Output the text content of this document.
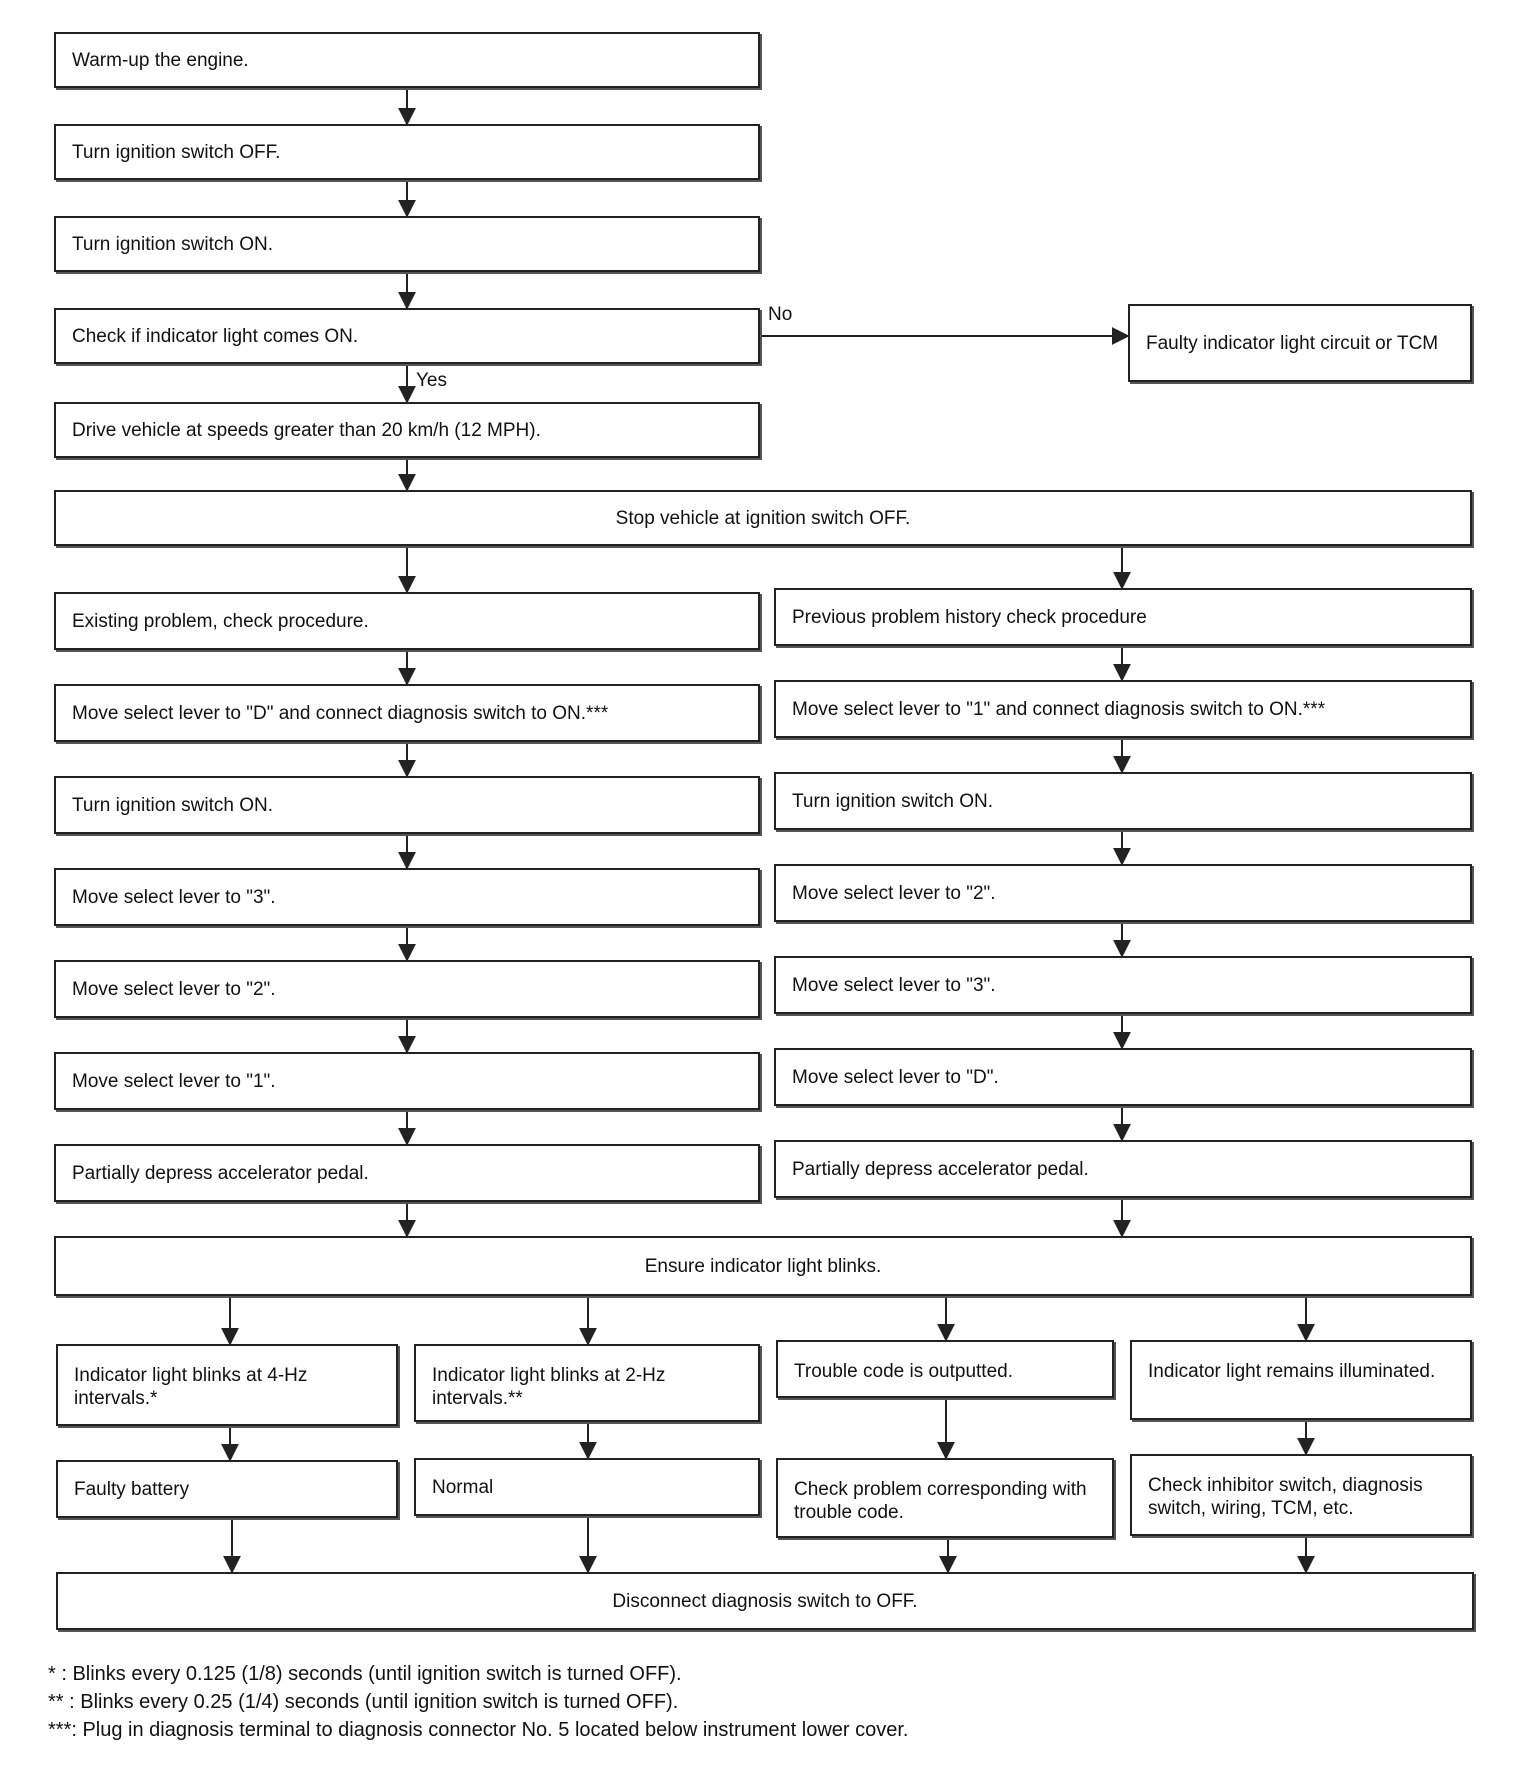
Warm-up the engine.
Turn ignition switch OFF.
Turn ignition switch ON.
Check if indicator light comes ON.	Faulty indicator light circuit or TCM
Drive vehicle at speeds greater than 20 km/h (12 MPH).
Stop vehicle at ignition switch OFF.
No
Yes
Existing problem, check procedure.
Move select lever to "D" and connect diagnosis switch to ON.***
Turn ignition switch ON.
Move select lever to "3".
Move select lever to "2".
Move select lever to "1".
Partially depress accelerator pedal.
Previous problem history check procedure
Move select lever to "1" and connect diagnosis switch to ON.***
Turn ignition switch ON.
Move select lever to "2".
Move select lever to "3".
Move select lever to "D".
Partially depress accelerator pedal.
Ensure indicator light blinks.
Indicator light blinks at 4-Hz intervals.*
Indicator light blinks at 2-Hz intervals.**
Trouble code is outputted.	Indicator light remains illuminated.
Faulty battery	Normal	Check problem corresponding with trouble code.
Check inhibitor switch, diagnosis switch, wiring, TCM, etc.
Disconnect diagnosis switch to OFF.
* : Blinks every 0.125 (1/8) seconds (until ignition switch is turned OFF).
** : Blinks every 0.25 (1/4) seconds (until ignition switch is turned OFF).
***: Plug in diagnosis terminal to diagnosis connector No. 5 located below instrument lower cover.
